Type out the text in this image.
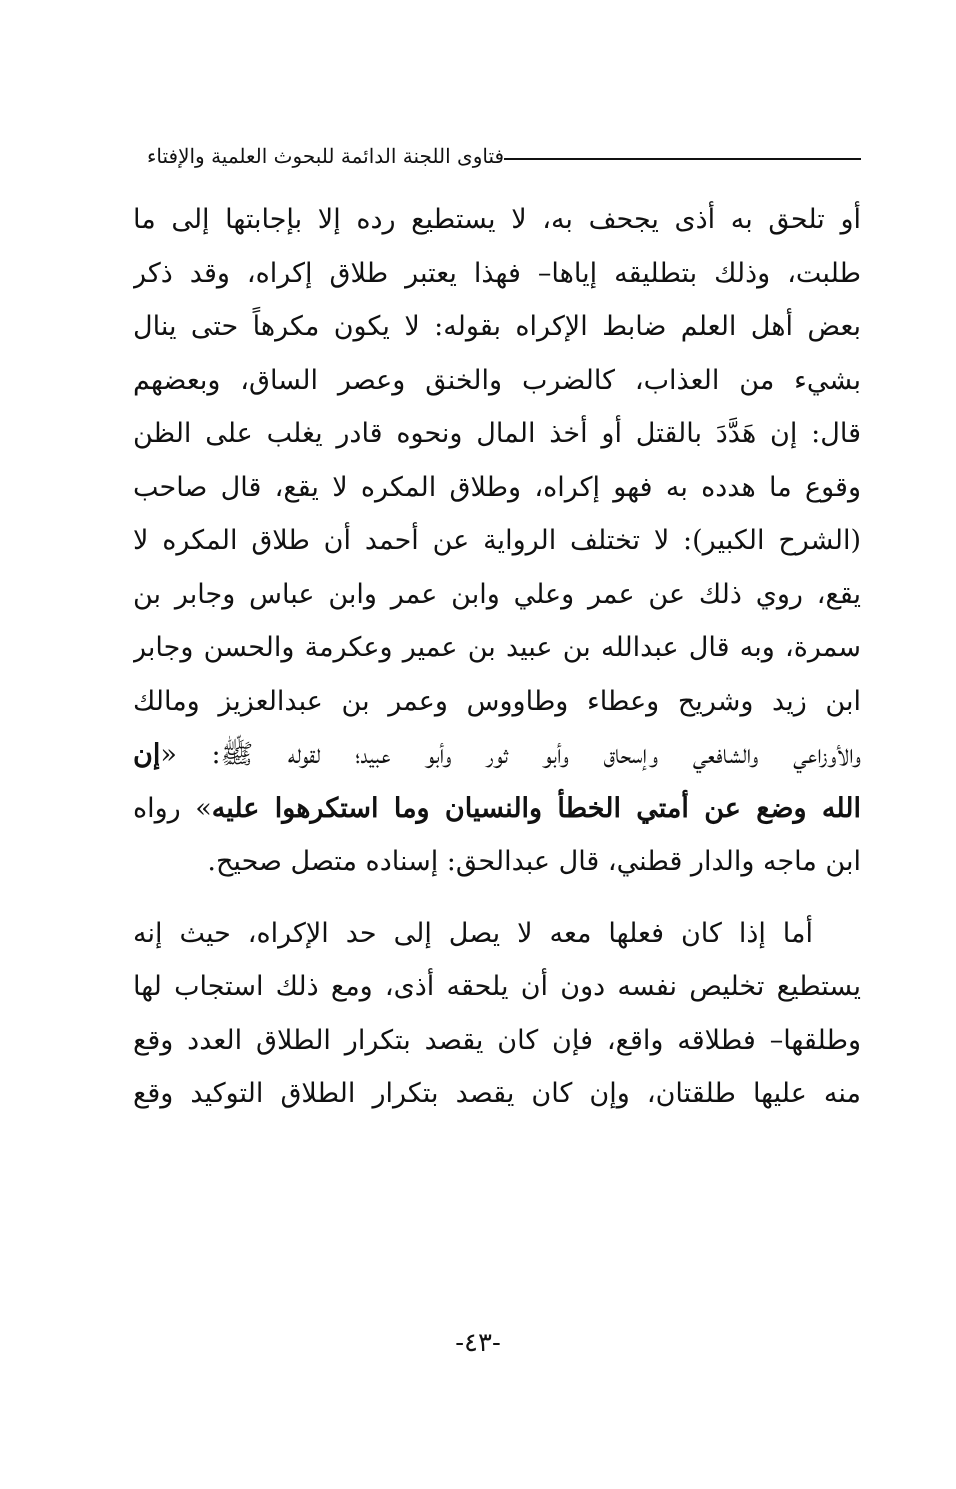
فتاوى اللجنة الدائمة للبحوث العلمية والإفتاء
أو تلحق به أذى يجحف به، لا يستطيع رده إلا بإجابتها إلى ما
طلبت، وذلك بتطليقه إياها– فهذا يعتبر طلاق إكراه، وقد ذكر
بعض أهل العلم ضابط الإكراه بقوله: لا يكون مكرهاً حتى ينال
بشيء من العذاب، كالضرب والخنق وعصر الساق، وبعضهم
قال: إن هَدَّدَ بالقتل أو أخذ المال ونحوه قادر يغلب على الظن
وقوع ما هدده به فهو إكراه، وطلاق المكره لا يقع، قال صاحب
(الشرح الكبير): لا تختلف الرواية عن أحمد أن طلاق المكره لا
يقع، روي ذلك عن عمر وعلي وابن عمر وابن عباس وجابر بن
سمرة، وبه قال عبدالله بن عبيد بن عمير وعكرمة والحسن وجابر
ابن زيد وشريح وعطاء وطاووس وعمر بن عبدالعزيز ومالك
والأوزاعي والشافعي وإسحاق وأبو ثور وأبو عبيد؛ لقوله ﷺ: «إن
الله وضع عن أمتي الخطأ والنسيان وما استكرهوا عليه» رواه
ابن ماجه والدار قطني، قال عبدالحق: إسناده متصل صحيح.
أما إذا كان فعلها معه لا يصل إلى حد الإكراه، حيث إنه
يستطيع تخليص نفسه دون أن يلحقه أذى، ومع ذلك استجاب لها
وطلقها– فطلاقه واقع، فإن كان يقصد بتكرار الطلاق العدد وقع
منه عليها طلقتان، وإن كان يقصد بتكرار الطلاق التوكيد وقع
-٤٣-
